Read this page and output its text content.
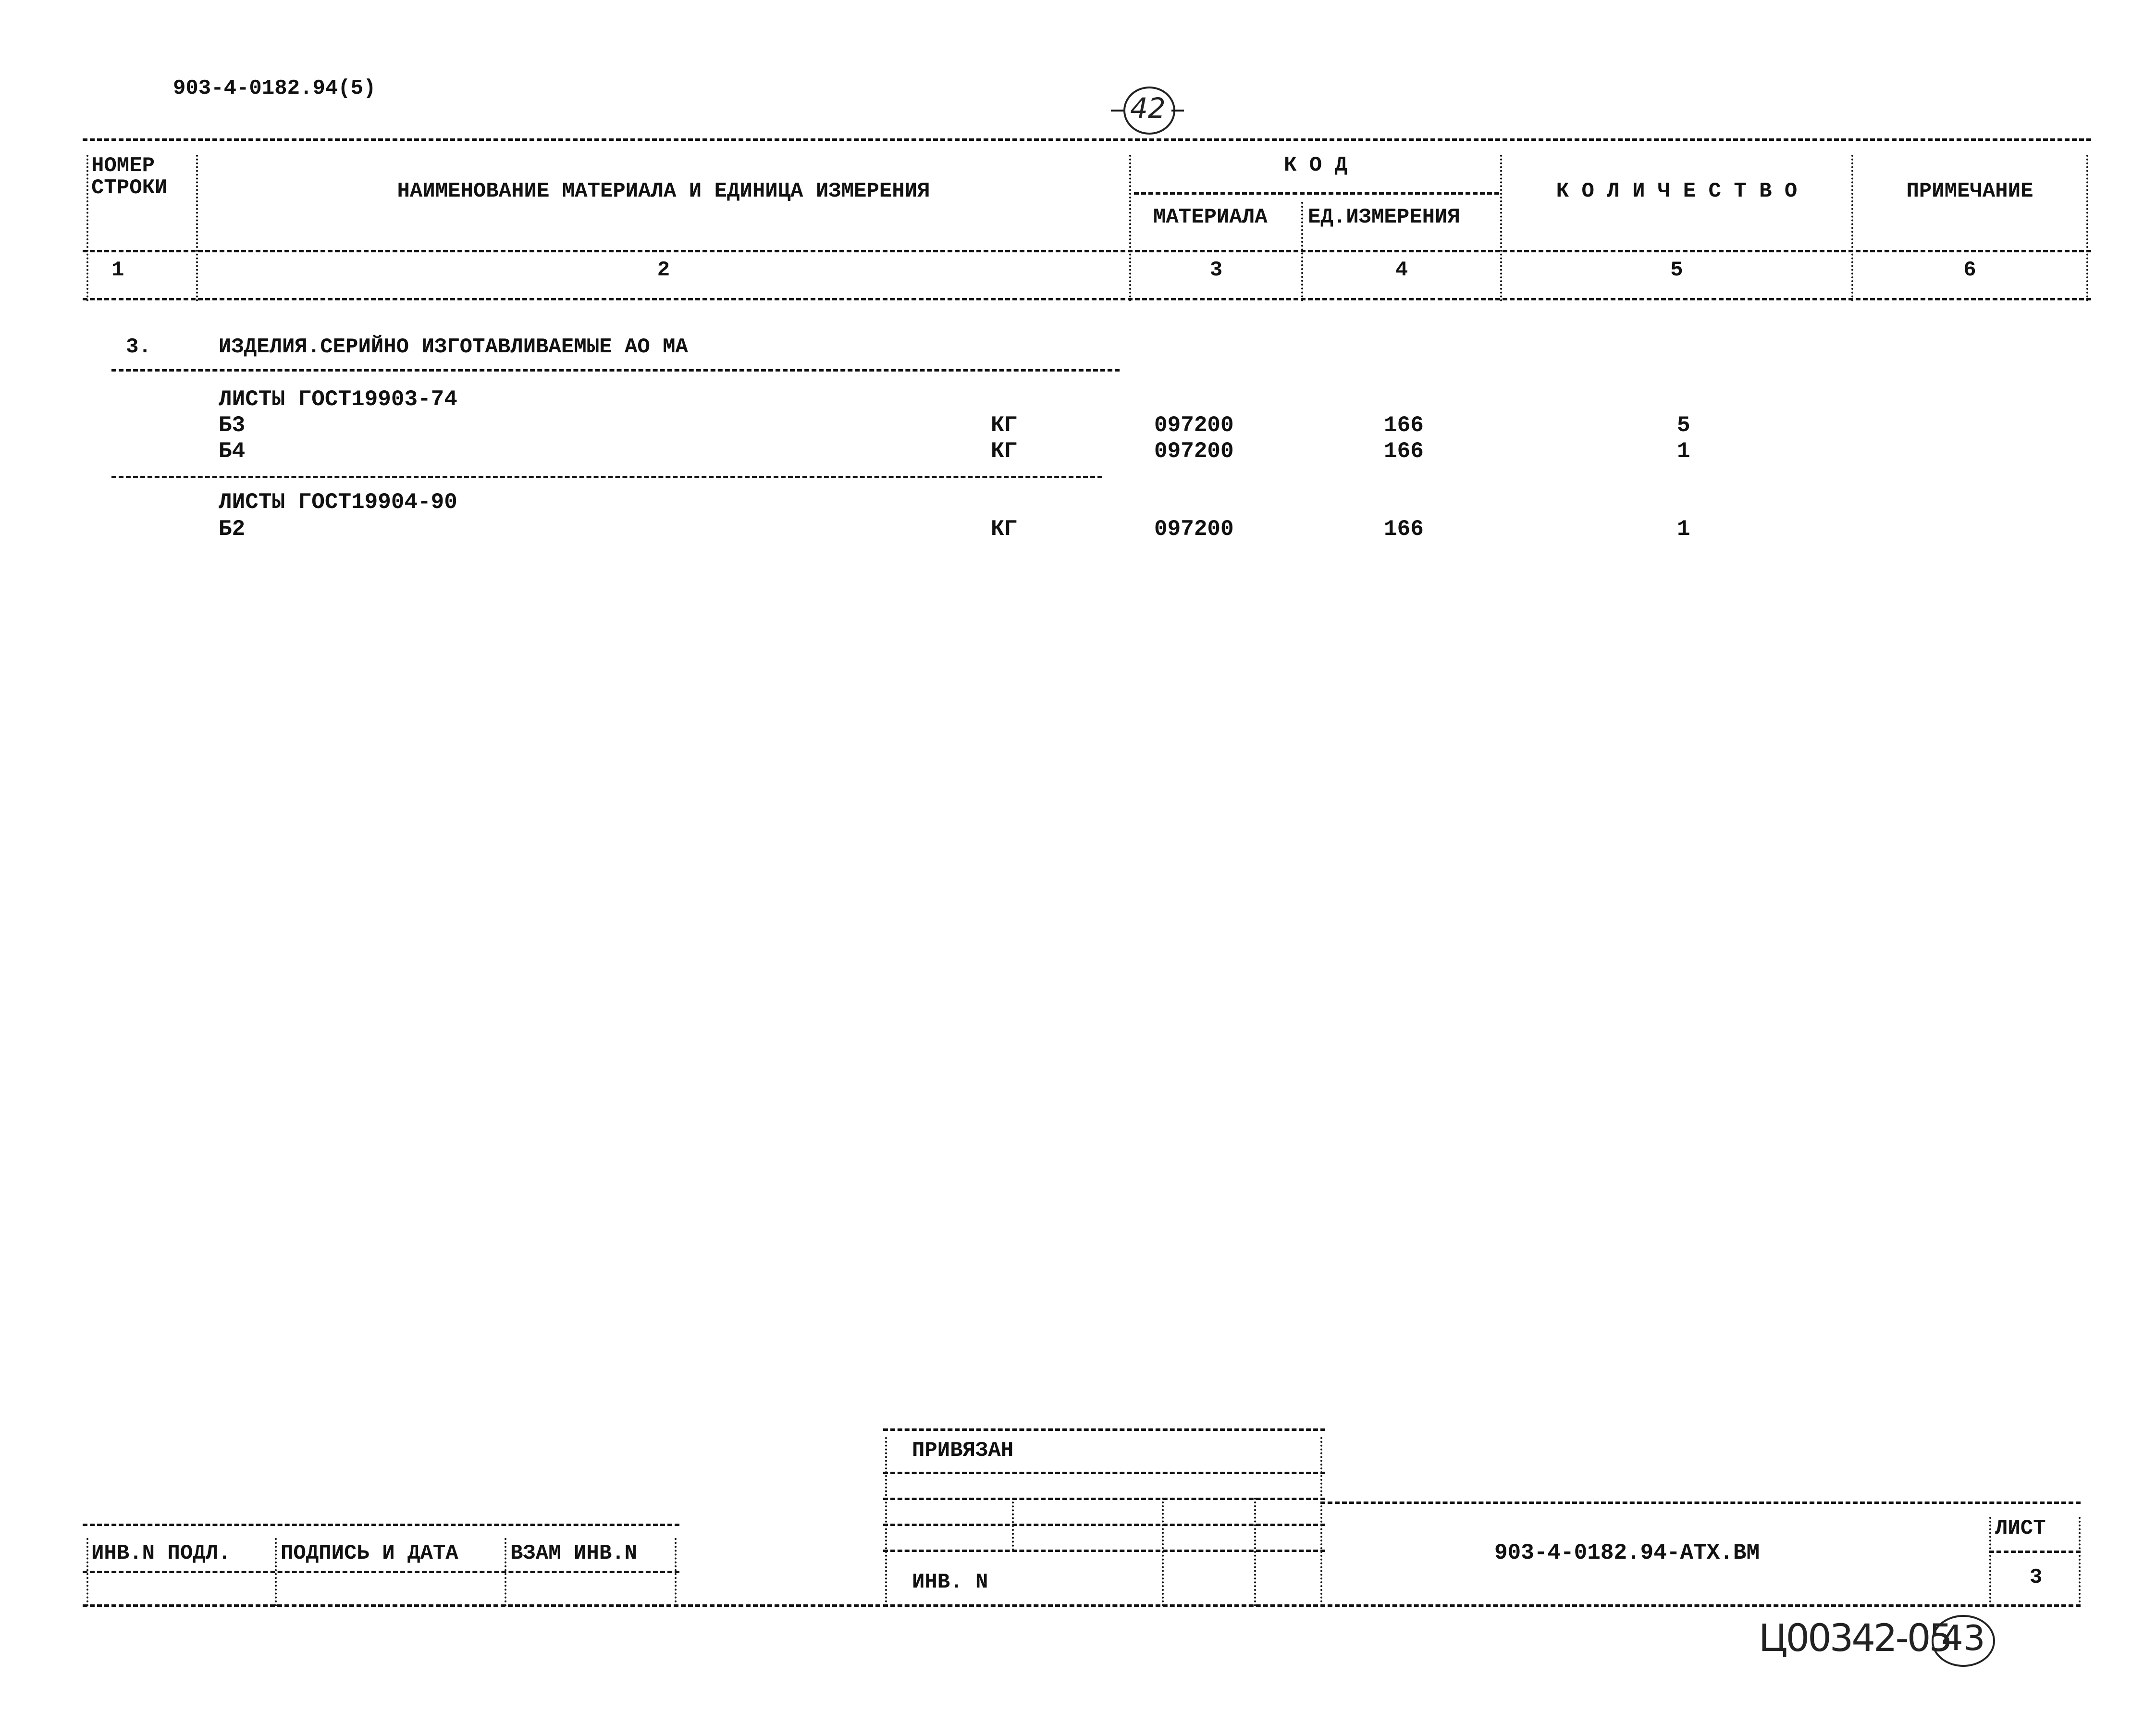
903-4-0182.94(5)
42
НОМЕР
СТРОКИ	НАИМЕНОВАНИЕ МАТЕРИАЛА И ЕДИНИЦА ИЗМЕРЕНИЯ
К О Д
МАТЕРИАЛА ЕД.ИЗМЕРЕНИЯ
К О Л И Ч Е С Т В О	ПРИМЕЧАНИЕ
1	2	3	4	5	6
3.	ИЗДЕЛИЯ.СЕРИЙНО ИЗГОТАВЛИВАЕМЫЕ АО МА
ЛИСТЫ ГОСТ19903-74
Б3	КГ	097200	166	5
Б4	КГ	097200	166	1
ЛИСТЫ ГОСТ19904-90
Б2	КГ	097200	166	1
ИНВ.N ПОДЛ. ПОДПИСЬ И ДАТА ВЗАМ ИНВ.N
ПРИВЯЗАН
ИНВ. N
903-4-0182.94-АТХ.ВМ
ЛИСТ
3
Ц00342-05
43
